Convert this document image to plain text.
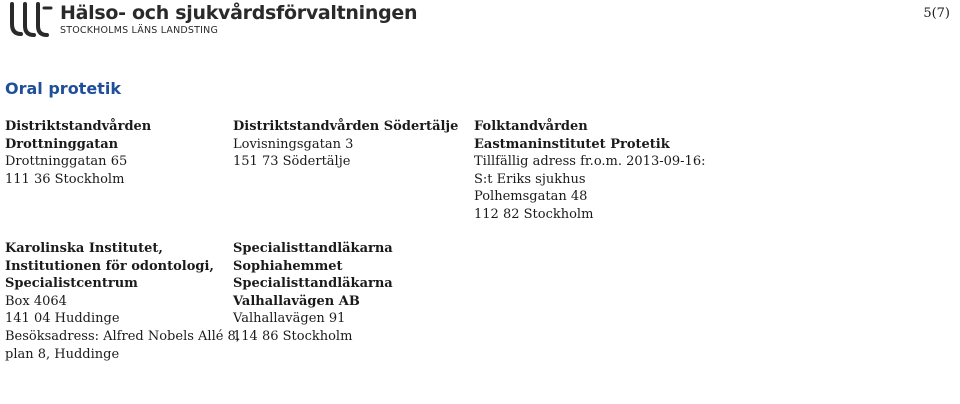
Hälso- och sjukvårdsförvaltningen
STOCKHOLMS LÄNS LANDSTING
5(7)
Oral protetik
Distriktstandvården
Drottninggatan
Drottninggatan 65
111 36 Stockholm
Distriktstandvården Södertälje
Lovisningsgatan 3
151 73 Södertälje
Folktandvården
Eastmaninstitutet Protetik
Tillfällig adress fr.o.m. 2013-09-16:
S:t Eriks sjukhus
Polhemsgatan 48
112 82 Stockholm
Karolinska Institutet,
Institutionen för odontologi,
Specialistcentrum
Box 4064
141 04 Huddinge
Besöksadress: Alfred Nobels Allé 8,
plan 8, Huddinge
Specialisttandläkarna
Sophiahemmet
Specialisttandläkarna
Valhallavägen AB
Valhallavägen 91
114 86 Stockholm
